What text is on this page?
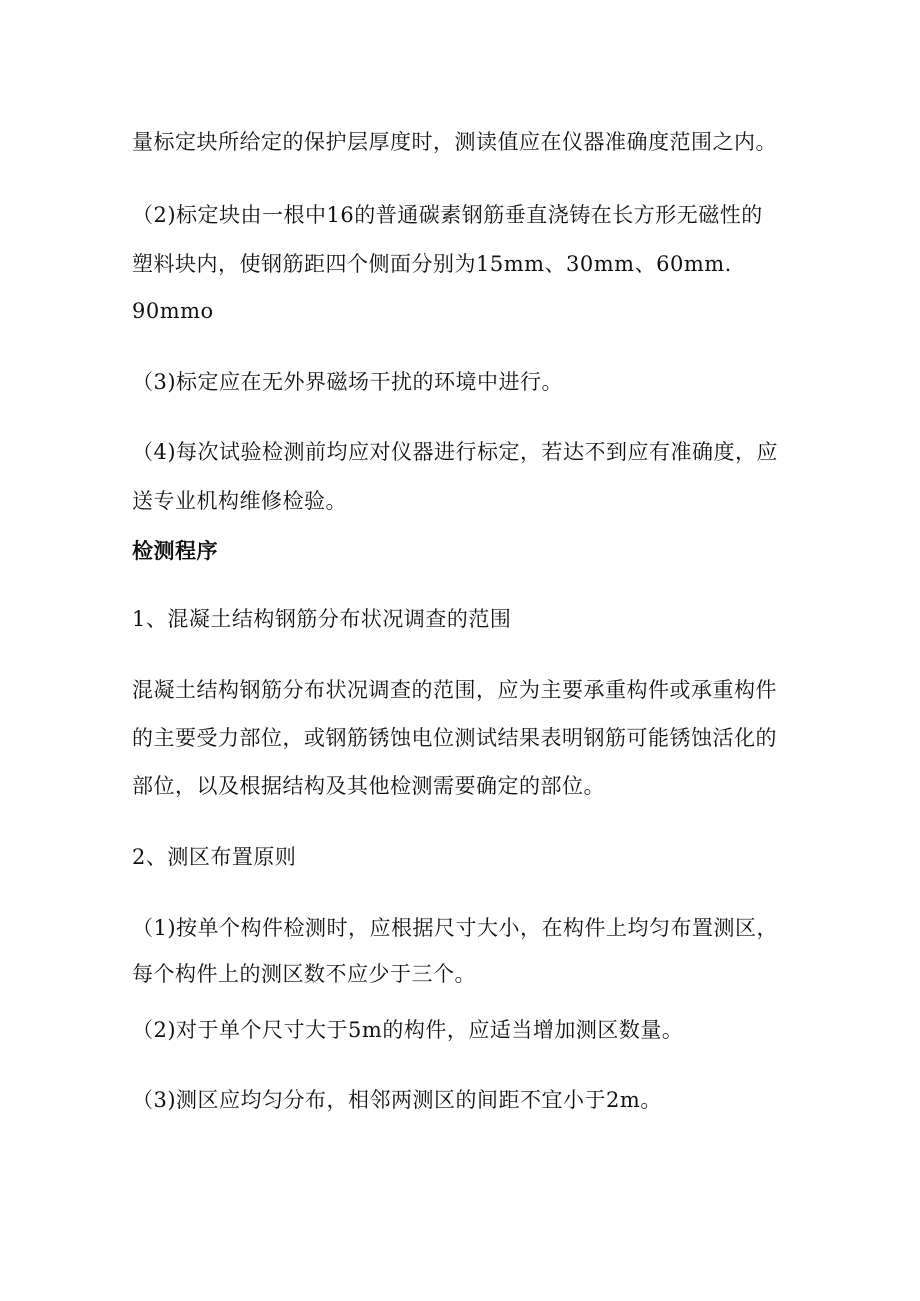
量标定块所给定的保护层厚度时，测读值应在仪器准确度范围之内。
（2)标定块由一根中16的普通碳素钢筋垂直浇铸在长方形无磁性的
塑料块内，使钢筋距四个侧面分别为15mm、30mm、60mm.
90mmo
（3)标定应在无外界磁场干扰的环境中进行。
（4)每次试验检测前均应对仪器进行标定，若达不到应有准确度，应
送专业机构维修检验。
检测程序
1、混凝土结构钢筋分布状况调查的范围
混凝土结构钢筋分布状况调查的范围，应为主要承重构件或承重构件
的主要受力部位，或钢筋锈蚀电位测试结果表明钢筋可能锈蚀活化的
部位，以及根据结构及其他检测需要确定的部位。
2、测区布置原则
（1)按单个构件检测时，应根据尺寸大小，在构件上均匀布置测区，
每个构件上的测区数不应少于三个。
（2)对于单个尺寸大于5m的构件，应适当增加测区数量。
（3)测区应均匀分布，相邻两测区的间距不宜小于2m。
